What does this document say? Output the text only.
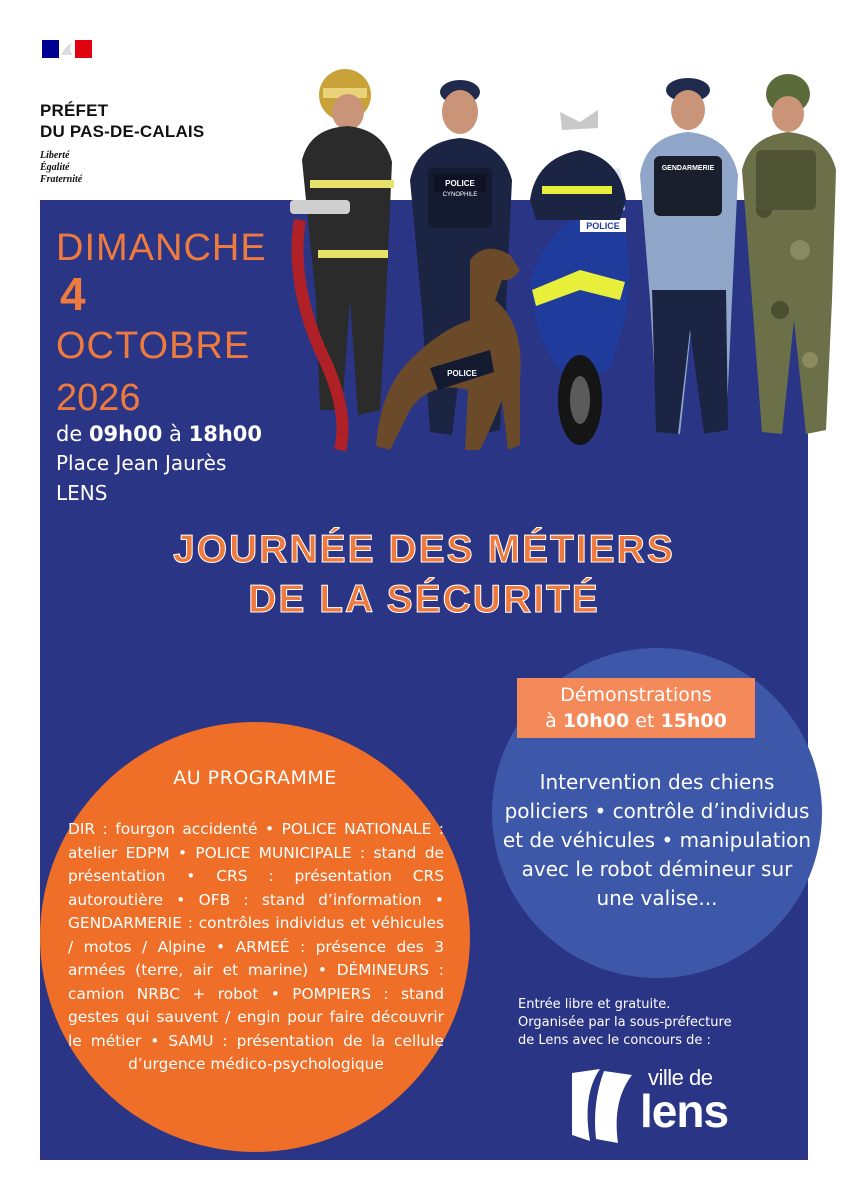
PRÉFET
DU PAS-DE-CALAIS
Liberté
Égalité
Fraternité	POLICE
CYNOPHILE
POLICE
POLICE
GENDARMERIE
DIMANCHE
4
OCTOBRE
2026
de 09h00 à 18h00
Place Jean Jaurès
LENS
JOURNÉE DES MÉTIERS
DE LA SÉCURITÉ
AU PROGRAMME
DIR : fourgon accidenté • POLICE NATIONALE : atelier EDPM • POLICE MUNICIPALE : stand de présentation • CRS : présentation CRS autoroutière • OFB : stand d’information • GENDARMERIE : contrôles individus et véhicules / motos / Alpine • ARMEÉ : présence des 3 armées (terre, air et marine) • DÉMINEURS : camion NRBC + robot • POMPIERS : stand gestes qui sauvent / engin pour faire découvrir le métier • SAMU : présentation de la cellule d’urgence médico-psychologique
Démonstrations
à 10h00 et 15h00
Intervention des chiens policiers • contrôle d’individus et de véhicules • manipulation avec le robot démineur sur une valise...
Entrée libre et gratuite.
Organisée par la sous-préfecture
de Lens avec le concours de :
ville de
lens
